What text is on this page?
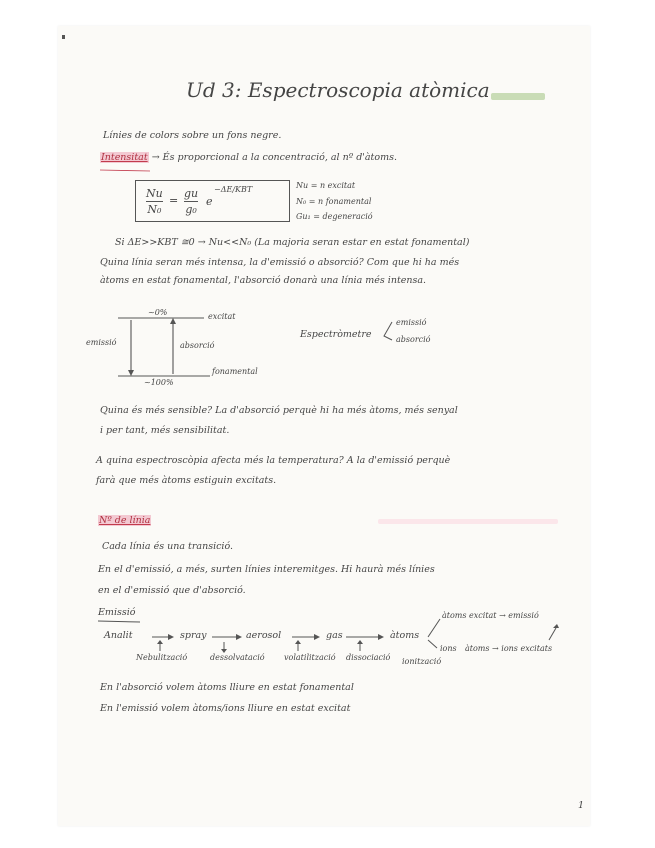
Ud 3: Espectroscopia atòmica
Línies de colors sobre un fons negre.
Intensitat → És proporcional a la concentració, al nº d'àtoms.
Nu
N₀
=
gu
g₀
e
−ΔE/KBT	Nu = n excitat
N₀ = n fonamental
Gu₁ = degeneració
Si ΔE>>KBT ≅0 → Nu<<N₀ (La majoria seran estar en estat fonamental)
Quina línia seran més intensa, la d'emissió o absorció? Com que hi ha més
àtoms en estat fonamental, l'absorció donarà una línia més intensa.
~0%	excitat
emissió	absorció
fonamental
~100%
Espectròmetre
emissió
absorció
Quina és més sensible? La d'absorció perquè hi ha més àtoms, més senyal
i per tant, més sensibilitat.
A quina espectroscòpia afecta més la temperatura? A la d'emissió perquè
farà que més àtoms estiguin excitats.
Nº de línia
Cada línia és una transició.
En el d'emissió, a més, surten línies interemitges. Hi haurà més línies
en el d'emissió que d'absorció.
Emissió
Analit	spray	aerosol	gas	àtoms
Nebulització	dessolvatació volatilització dissociació ionització
àtoms excitat → emissió
ions àtoms → ions excitats
En l'absorció volem àtoms lliure en estat fonamental
En l'emissió volem àtoms/ions lliure en estat excitat
1
